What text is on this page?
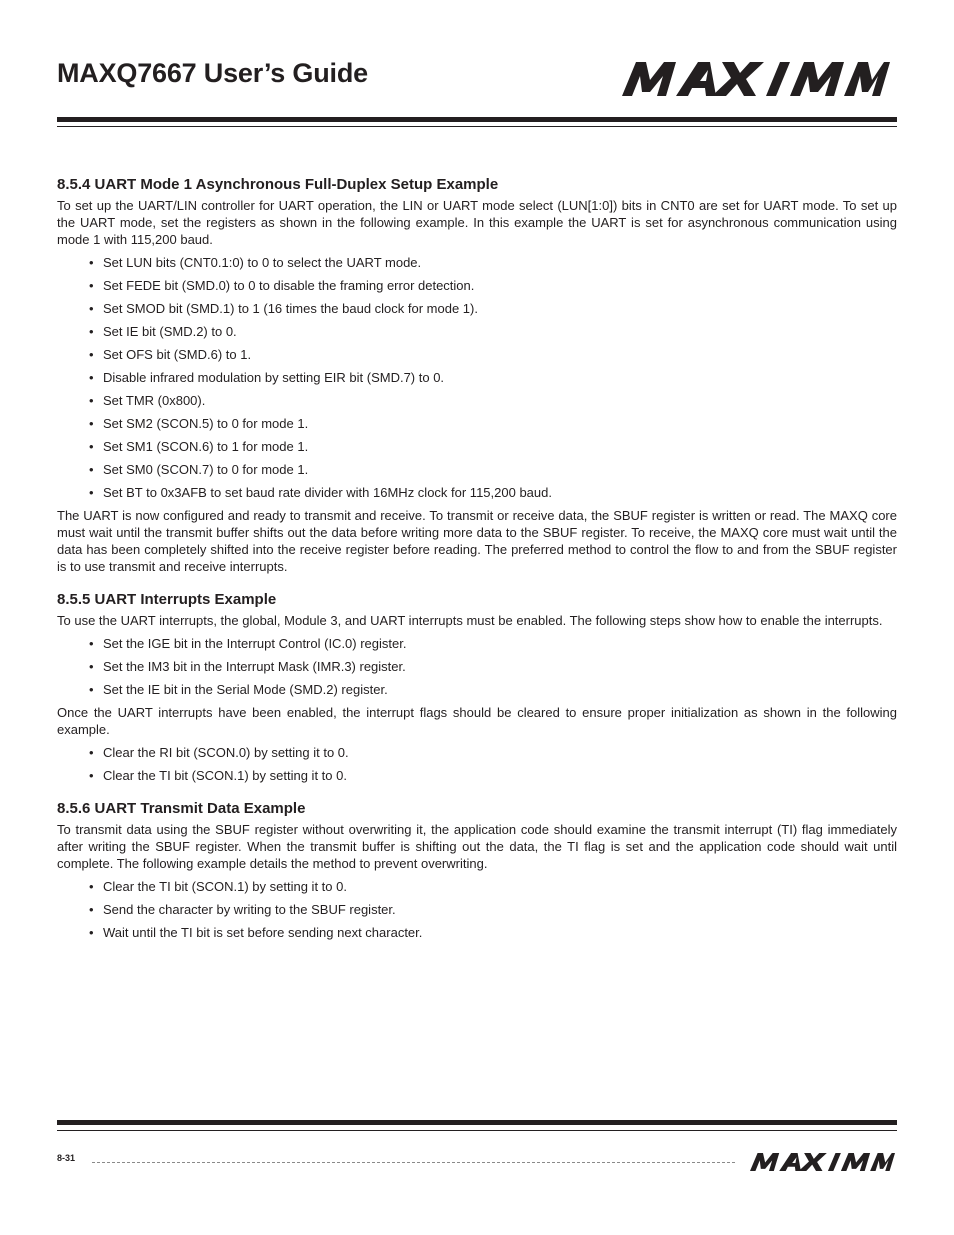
MAXQ7667 User’s Guide
8.5.4 UART Mode 1 Asynchronous Full-Duplex Setup Example

To set up the UART/LIN controller for UART operation, the LIN or UART mode select (LUN[1:0]) bits in CNT0 are set for UART mode. To set up the UART mode, set the registers as shown in the following example. In this example the UART is set for asynchronous communication using mode 1 with 115,200 baud.

• Set LUN bits (CNT0.1:0) to 0 to select the UART mode.
• Set FEDE bit (SMD.0) to 0 to disable the framing error detection.
• Set SMOD bit (SMD.1) to 1 (16 times the baud clock for mode 1).
• Set IE bit (SMD.2) to 0.
• Set OFS bit (SMD.6) to 1.
• Disable infrared modulation by setting EIR bit (SMD.7) to 0.
• Set TMR (0x800).
• Set SM2 (SCON.5) to 0 for mode 1.
• Set SM1 (SCON.6) to 1 for mode 1.
• Set SM0 (SCON.7) to 0 for mode 1.
• Set BT to 0x3AFB to set baud rate divider with 16MHz clock for 115,200 baud.

The UART is now configured and ready to transmit and receive. To transmit or receive data, the SBUF register is written or read. The MAXQ core must wait until the transmit buffer shifts out the data before writing more data to the SBUF register. To receive, the MAXQ core must wait until the data has been completely shifted into the receive register before reading. The preferred method to control the flow to and from the SBUF register is to use transmit and receive interrupts.

8.5.5 UART Interrupts Example

To use the UART interrupts, the global, Module 3, and UART interrupts must be enabled. The following steps show how to enable the interrupts.

• Set the IGE bit in the Interrupt Control (IC.0) register.
• Set the IM3 bit in the Interrupt Mask (IMR.3) register.
• Set the IE bit in the Serial Mode (SMD.2) register.

Once the UART interrupts have been enabled, the interrupt flags should be cleared to ensure proper initialization as shown in the following example.

• Clear the RI bit (SCON.0) by setting it to 0.
• Clear the TI bit (SCON.1) by setting it to 0.
8.5.6 UART Transmit Data Example

To transmit data using the SBUF register without overwriting it, the application code should examine the transmit interrupt (TI) flag immediately after writing the SBUF register. When the transmit buffer is shifting out the data, the TI flag is set and the application code should wait until complete. The following example details the method to prevent overwriting.

• Clear the TI bit (SCON.1) by setting it to 0.
• Send the character by writing to the SBUF register.
• Wait until the TI bit is set before sending next character.
8-31
